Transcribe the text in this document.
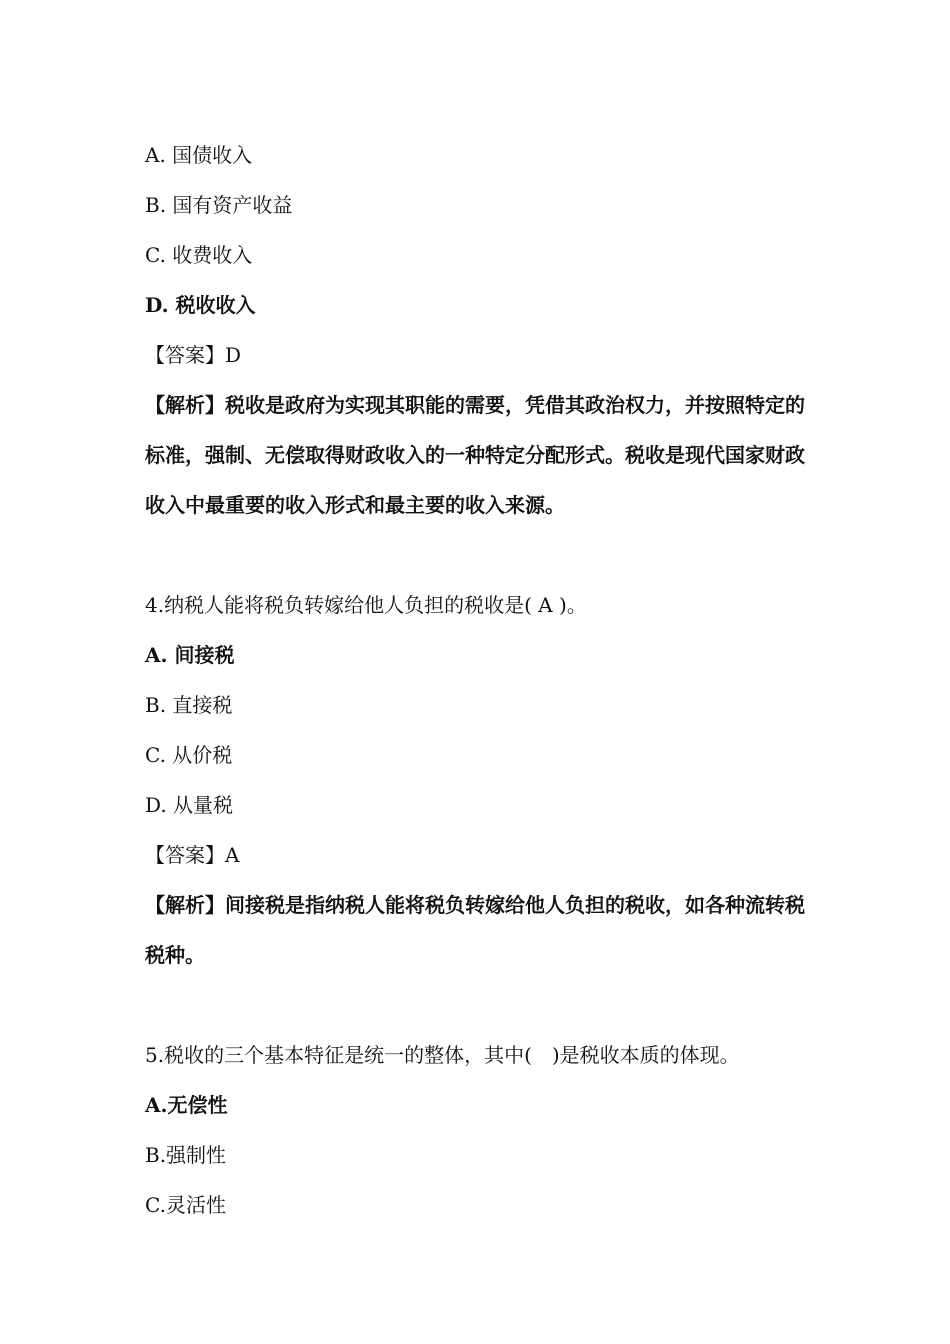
A. 国债收入
B. 国有资产收益
C. 收费收入
D. 税收收入
【答案】D
【解析】税收是政府为实现其职能的需要，凭借其政治权力，并按照特定的标准，强制、无偿取得财政收入的一种特定分配形式。税收是现代国家财政收入中最重要的收入形式和最主要的收入来源。
4.纳税人能将税负转嫁给他人负担的税收是( A )。
A. 间接税
B. 直接税
C. 从价税
D. 从量税
【答案】A
【解析】间接税是指纳税人能将税负转嫁给他人负担的税收，如各种流转税税种。
5.税收的三个基本特征是统一的整体，其中(　)是税收本质的体现。
A.无偿性
B.强制性
C.灵活性
